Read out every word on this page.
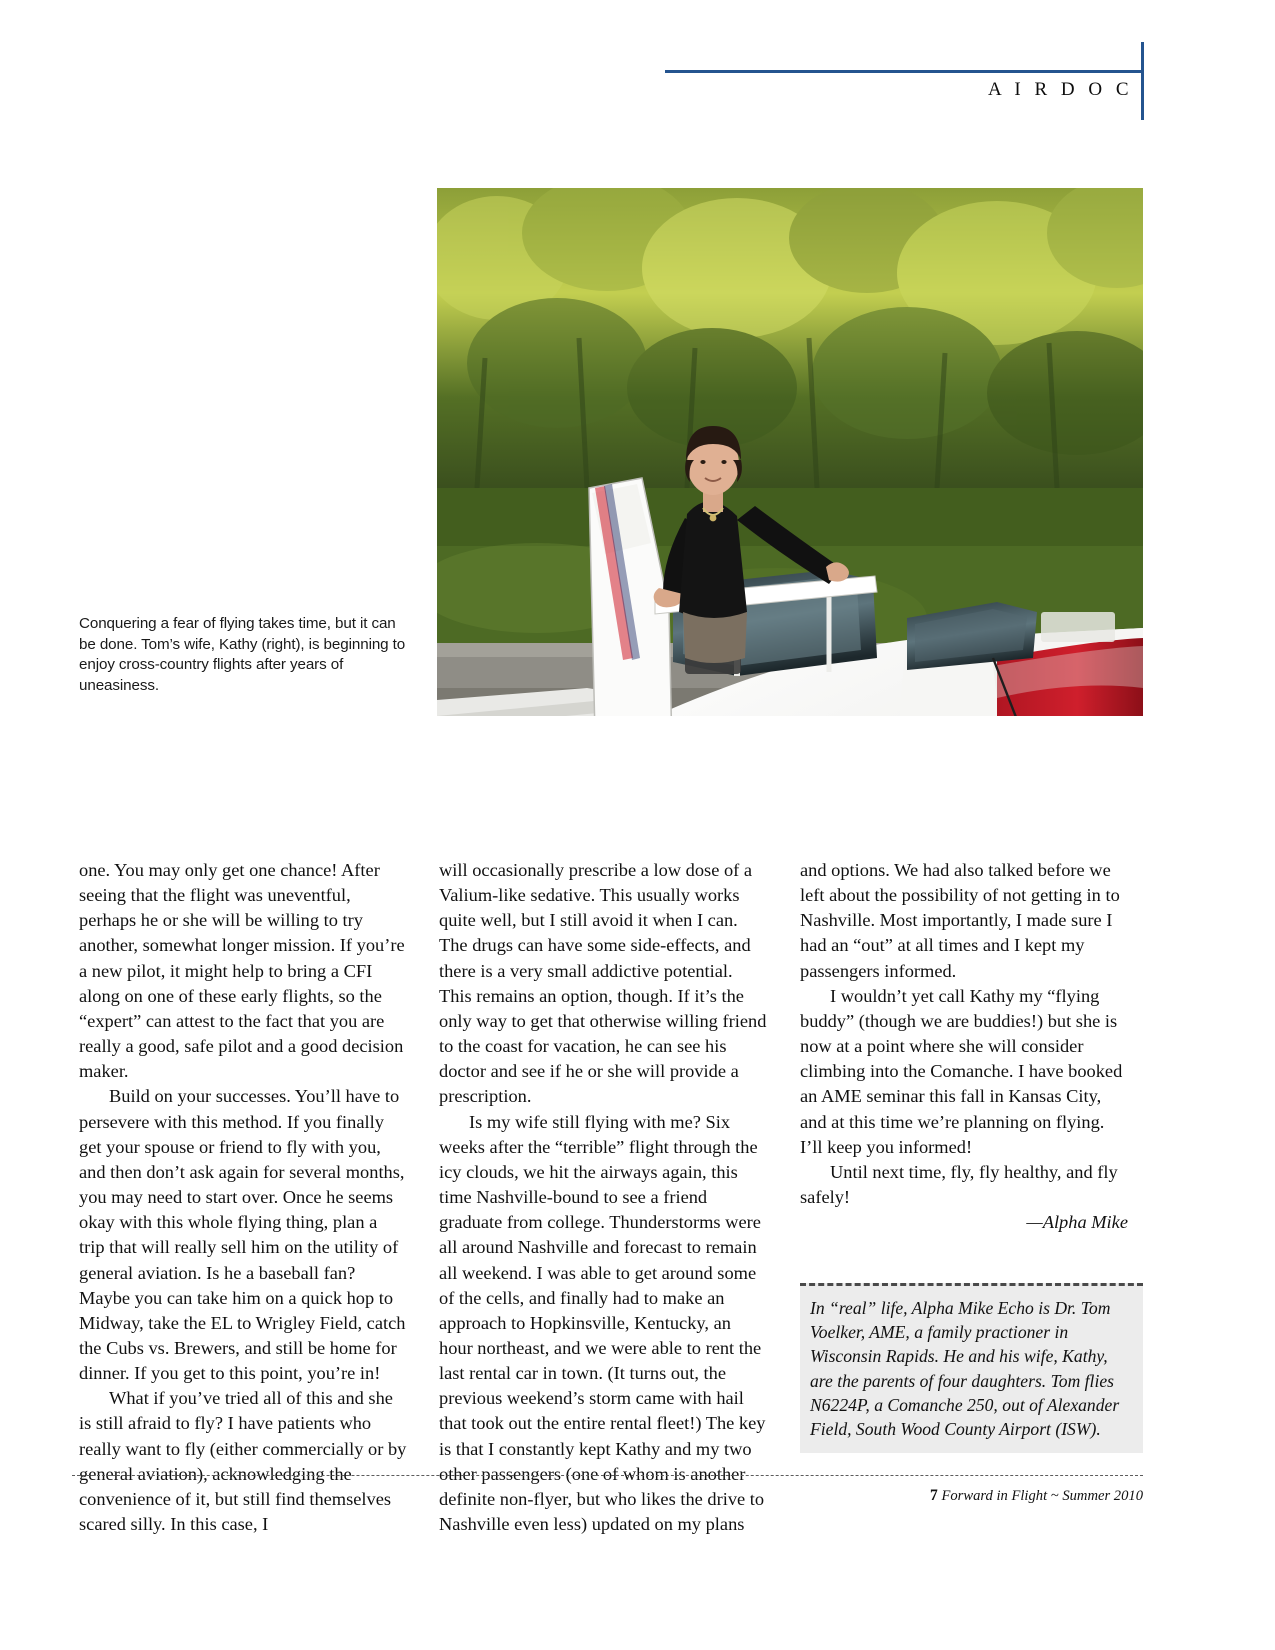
A I R D O C
Conquering a fear of flying takes time, but it can be done. Tom’s wife, Kathy (right), is beginning to enjoy cross-country flights after years of uneasiness.

one. You may only get one chance! After seeing that the flight was uneventful, perhaps he or she will be willing to try another, somewhat longer mission. If you’re a new pilot, it might help to bring a CFI along on one of these early flights, so the “expert” can attest to the fact that you are really a good, safe pilot and a good decision maker.

Build on your successes. You’ll have to persevere with this method. If you finally get your spouse or friend to fly with you, and then don’t ask again for several months, you may need to start over. Once he seems okay with this whole flying thing, plan a trip that will really sell him on the utility of general aviation. Is he a baseball fan? Maybe you can take him on a quick hop to Midway, take the EL to Wrigley Field, catch the Cubs vs. Brewers, and still be home for dinner. If you get to this point, you’re in!

What if you’ve tried all of this and she is still afraid to fly? I have patients who really want to fly (either commercially or by general aviation), acknowledging the convenience of it, but still find themselves scared silly. In this case, I

will occasionally prescribe a low dose of a Valium-like sedative. This usually works quite well, but I still avoid it when I can. The drugs can have some side-effects, and there is a very small addictive potential. This remains an option, though. If it’s the only way to get that otherwise willing friend to the coast for vacation, he can see his doctor and see if he or she will provide a prescription.

Is my wife still flying with me? Six weeks after the “terrible” flight through the icy clouds, we hit the airways again, this time Nashville-bound to see a friend graduate from college. Thunderstorms were all around Nashville and forecast to remain all weekend. I was able to get around some of the cells, and finally had to make an approach to Hopkinsville, Kentucky, an hour northeast, and we were able to rent the last rental car in town. (It turns out, the previous weekend’s storm came with hail that took out the entire rental fleet!) The key is that I constantly kept Kathy and my two other passengers (one of whom is another definite non-flyer, but who likes the drive to Nashville even less) updated on my plans

and options. We had also talked before we left about the possibility of not getting in to Nashville. Most importantly, I made sure I had an “out” at all times and I kept my passengers informed.

I wouldn’t yet call Kathy my “flying buddy” (though we are buddies!) but she is now at a point where she will consider climbing into the Comanche. I have booked an AME seminar this fall in Kansas City, and at this time we’re planning on flying. I’ll keep you informed!

Until next time, fly, fly healthy, and fly safely!

—Alpha Mike

In “real” life, Alpha Mike Echo is Dr. Tom Voelker, AME, a family practioner in Wisconsin Rapids. He and his wife, Kathy, are the parents of four daughters. Tom flies N6224P, a Comanche 250, out of Alexander Field, South Wood County Airport (ISW).

7 Forward in Flight ~ Summer 2010
